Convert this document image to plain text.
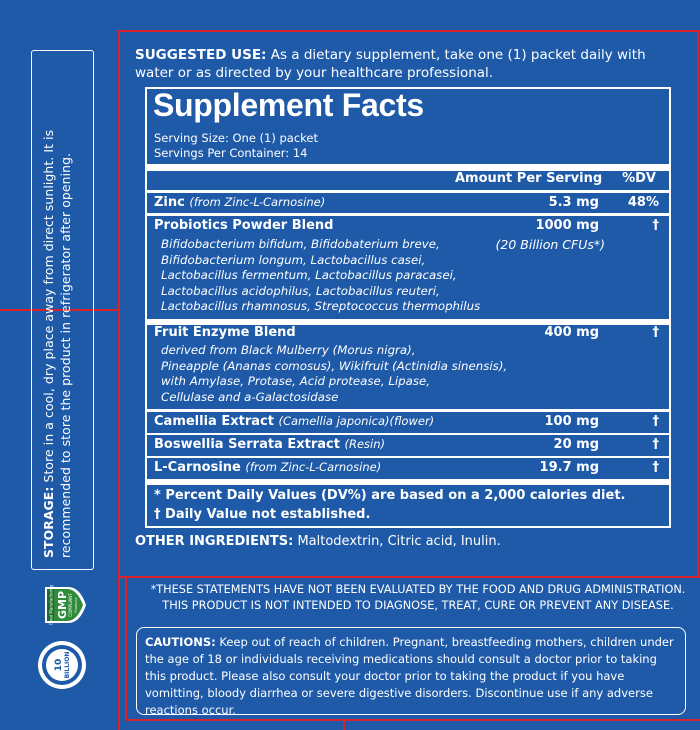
STORAGE: Store in a cool, dry place away from direct sunlight. It is recommended to store the product in refrigerator after opening.
Good Manufacturing GMP COMPLIANT Products
10 BILLION
SUGGESTED USE: As a dietary supplement, take one (1) packet daily with water or as directed by your healthcare professional.
Supplement Facts
Serving Size: One (1) packet
Servings Per Container: 14
Amount Per Serving %DV
Zinc (from Zinc-L-Carnosine)	5.3 mg 48%
Probiotics Powder Blend	1000 mg	†
(20 Billion CFUs*)
Bifidobacterium bifidum, Bifidobaterium breve,
Bifidobacterium longum, Lactobacillus casei,
Lactobacillus fermentum, Lactobacillus paracasei,
Lactobacillus acidophilus, Lactobacillus reuteri,
Lactobacillus rhamnosus, Streptococcus thermophilus
Fruit Enzyme Blend	400 mg	†
derived from Black Mulberry (Morus nigra),
Pineapple (Ananas comosus), Wikifruit (Actinidia sinensis),
with Amylase, Protase, Acid protease, Lipase,
Cellulase and a-Galactosidase
Camellia Extract (Camellia japonica)(flower)	100 mg	†
Boswellia Serrata Extract (Resin)	20 mg	†
L-Carnosine (from Zinc-L-Carnosine)	19.7 mg	†
* Percent Daily Values (DV%) are based on a 2,000 calories diet.
† Daily Value not established.
OTHER INGREDIENTS: Maltodextrin, Citric acid, Inulin.
*THESE STATEMENTS HAVE NOT BEEN EVALUATED BY THE FOOD AND DRUG ADMINISTRATION.
THIS PRODUCT IS NOT INTENDED TO DIAGNOSE, TREAT, CURE OR PREVENT ANY DISEASE.
CAUTIONS: Keep out of reach of children. Pregnant, breastfeeding mothers, children under the age of 18 or individuals receiving medications should consult a doctor prior to taking this product. Please also consult your doctor prior to taking the product if you have vomitting, bloody diarrhea or severe digestive disorders. Discontinue use if any adverse reactions occur.
